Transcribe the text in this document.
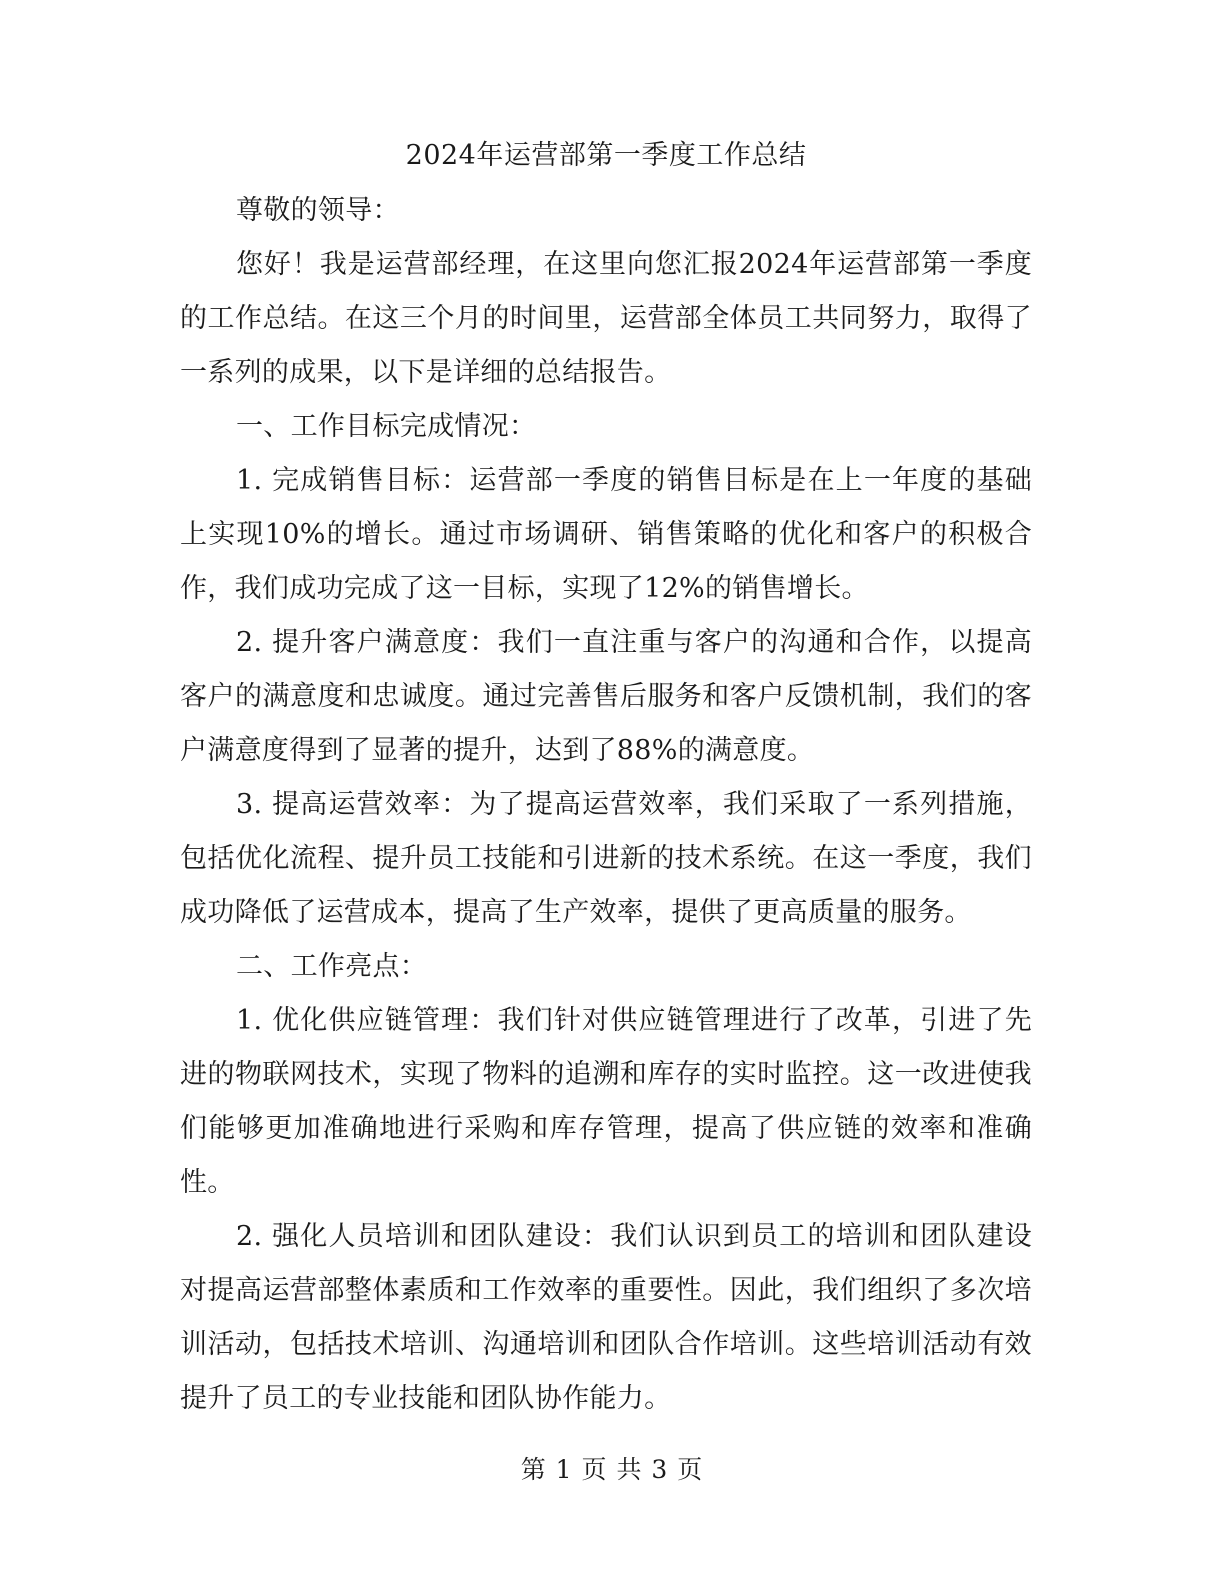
2024年运营部第一季度工作总结

尊敬的领导：

您好！我是运营部经理，在这里向您汇报2024年运营部第一季度的工作总结。在这三个月的时间里，运营部全体员工共同努力，取得了一系列的成果，以下是详细的总结报告。

一、工作目标完成情况：

1. 完成销售目标：运营部一季度的销售目标是在上一年度的基础上实现10%的增长。通过市场调研、销售策略的优化和客户的积极合作，我们成功完成了这一目标，实现了12%的销售增长。

2. 提升客户满意度：我们一直注重与客户的沟通和合作，以提高客户的满意度和忠诚度。通过完善售后服务和客户反馈机制，我们的客户满意度得到了显著的提升，达到了88%的满意度。

3. 提高运营效率：为了提高运营效率，我们采取了一系列措施，包括优化流程、提升员工技能和引进新的技术系统。在这一季度，我们成功降低了运营成本，提高了生产效率，提供了更高质量的服务。

二、工作亮点：

1. 优化供应链管理：我们针对供应链管理进行了改革，引进了先进的物联网技术，实现了物料的追溯和库存的实时监控。这一改进使我们能够更加准确地进行采购和库存管理，提高了供应链的效率和准确性。

2. 强化人员培训和团队建设：我们认识到员工的培训和团队建设对提高运营部整体素质和工作效率的重要性。因此，我们组织了多次培训活动，包括技术培训、沟通培训和团队合作培训。这些培训活动有效提升了员工的专业技能和团队协作能力。

第 1 页 共 3 页
